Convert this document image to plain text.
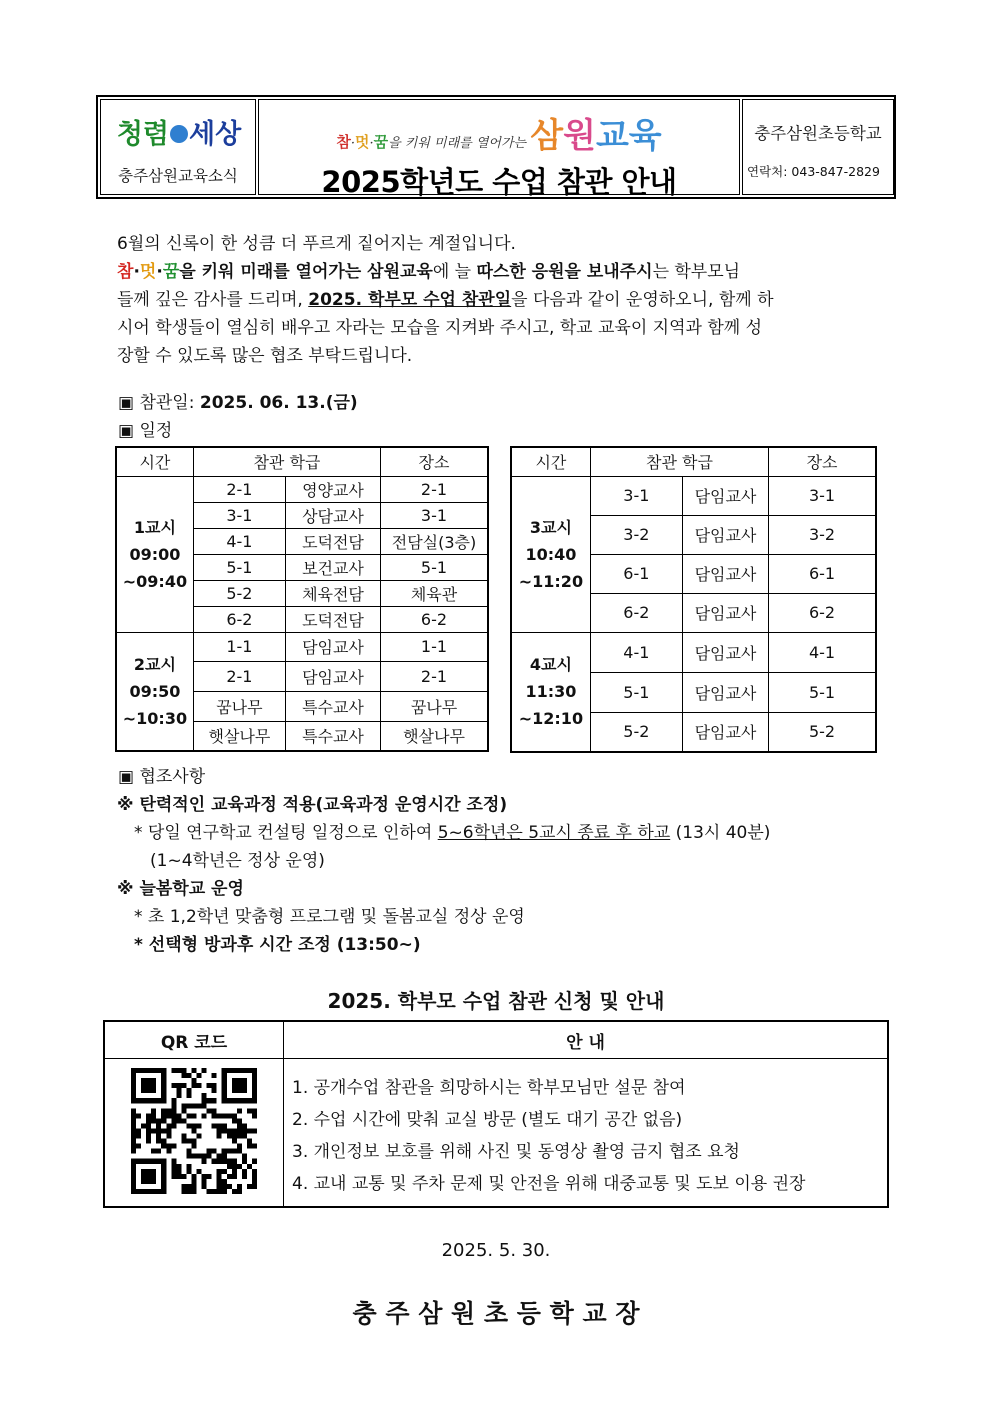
청렴 세상
충주삼원교육소식
참·멋·꿈을 키워 미래를 열어가는 삼원교육
2025학년도 수업 참관 안내
충주삼원초등학교
연락처: 043-847-2829
6월의 신록이 한 성큼 더 푸르게 짙어지는 계절입니다.
참·멋·꿈을 키워 미래를 열어가는 삼원교육에 늘 따스한 응원을 보내주시는 학부모님
들께 깊은 감사를 드리며, 2025. 학부모 수업 참관일을 다음과 같이 운영하오니, 함께 하
시어 학생들이 열심히 배우고 자라는 모습을 지켜봐 주시고, 학교 교육이 지역과 함께 성
장할 수 있도록 많은 협조 부탁드립니다.
▣ 참관일: 2025. 06. 13.(금)
▣ 일정
시간	참관 학급		장소

1교시
09:00
~09:40	2-1	영양교사	2-1
	3-1	상담교사	3-1
	4-1	도덕전담	전담실(3층)
	5-1	보건교사	5-1
	5-2	체육전담	체육관
	6-2	도덕전담	6-2

2교시
09:50
~10:30	1-1	담임교사	1-1
	2-1	담임교사	2-1
	꿈나무	특수교사	꿈나무
	햇살나무	특수교사	햇살나무
시간	참관 학급		장소

3교시
10:40
~11:20	3-1	담임교사	3-1
	3-2	담임교사	3-2
	6-1	담임교사	6-1
	6-2	담임교사	6-2

4교시
11:30
~12:10	4-1	담임교사	4-1
	5-1	담임교사	5-1
	5-2	담임교사	5-2
▣ 협조사항
※ 탄력적인 교육과정 적용(교육과정 운영시간 조정)
* 당일 연구학교 컨설팅 일정으로 인하여 5~6학년은 5교시 종료 후 하교 (13시 40분)
(1~4학년은 정상 운영)
※ 늘봄학교 운영
* 초 1,2학년 맞춤형 프로그램 및 돌봄교실 정상 운영
* 선택형 방과후 시간 조정 (13:50~)
2025. 학부모 수업 참관 신청 및 안내
QR 코드	안 내

1. 공개수업 참관을 희망하시는 학부모님만 설문 참여
2. 수업 시간에 맞춰 교실 방문 (별도 대기 공간 없음)
3. 개인정보 보호를 위해 사진 및 동영상 촬영 금지 협조 요청
4. 교내 교통 및 주차 문제 및 안전을 위해 대중교통 및 도보 이용 권장
2025. 5. 30.
충 주 삼 원 초 등 학 교 장
